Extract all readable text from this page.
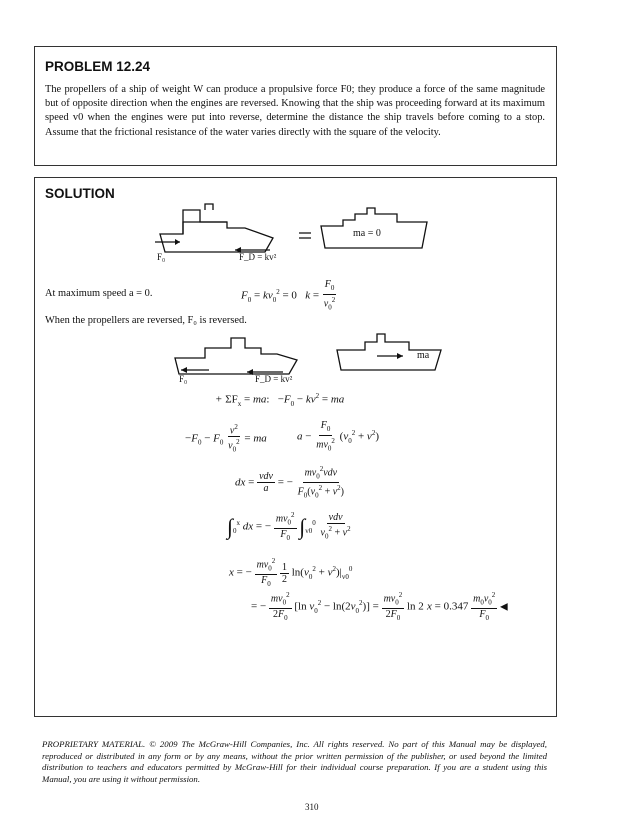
PROBLEM 12.24
The propellers of a ship of weight W can produce a propulsive force F0; they produce a force of the same magnitude but of opposite direction when the engines are reversed. Knowing that the ship was proceeding forward at its maximum speed v0 when the engines were put into reverse, determine the distance the ship travels before coming to a stop. Assume that the frictional resistance of the water varies directly with the square of the velocity.
SOLUTION
F₀	F_D = kv²
ma = 0
At maximum speed a = 0.	$F_0 = kv_0^2 = 0$   $k = \frac{F_0}{v_0^2}$
When the propellers are reversed, F₀ is reversed.
F₀	F_D = kv²
ma
+ $\Sigma F_x$ = ma:   $-F_0 - kv^2$ = ma
$-F_0 - F_0 \frac{v^2}{v_0^2}$ = ma	$a - \frac{F_0}{mv_0^2} (v_0^2 + v^2)$
dx = $\frac{\text{vdv}}{a}$ = − $\frac{mv_0^2vdv}{F_0(v_0^2 + v^2)}$
$\int_0^x$ dx = − $\frac{mv_0^2}{F_0} \int_{v0}^0 \frac{\text{vdv}}{v_0^2 + v^2}$
x = − $\frac{mv_0^2}{F_0}$
$\frac{1}{2} \ln(v_0^2 + v^2)|_{v0}^0$
= − $\frac{mv_0^2}{2F_0} [\ln$ $v_0^2 - \ln(2v_0^2)] = \frac{mv_0^2}{2F_0}$ ln 2 $x = 0.347 \frac{m_0v_0^2}{F_0}$ ◀
PROPRIETARY MATERIAL. © 2009 The McGraw-Hill Companies, Inc. All rights reserved. No part of this Manual may be displayed, reproduced or distributed in any form or by any means, without the prior written permission of the publisher, or used beyond the limited distribution to teachers and educators permitted by McGraw-Hill for their individual course preparation. If you are a student using this Manual, you are using it without permission.
310
